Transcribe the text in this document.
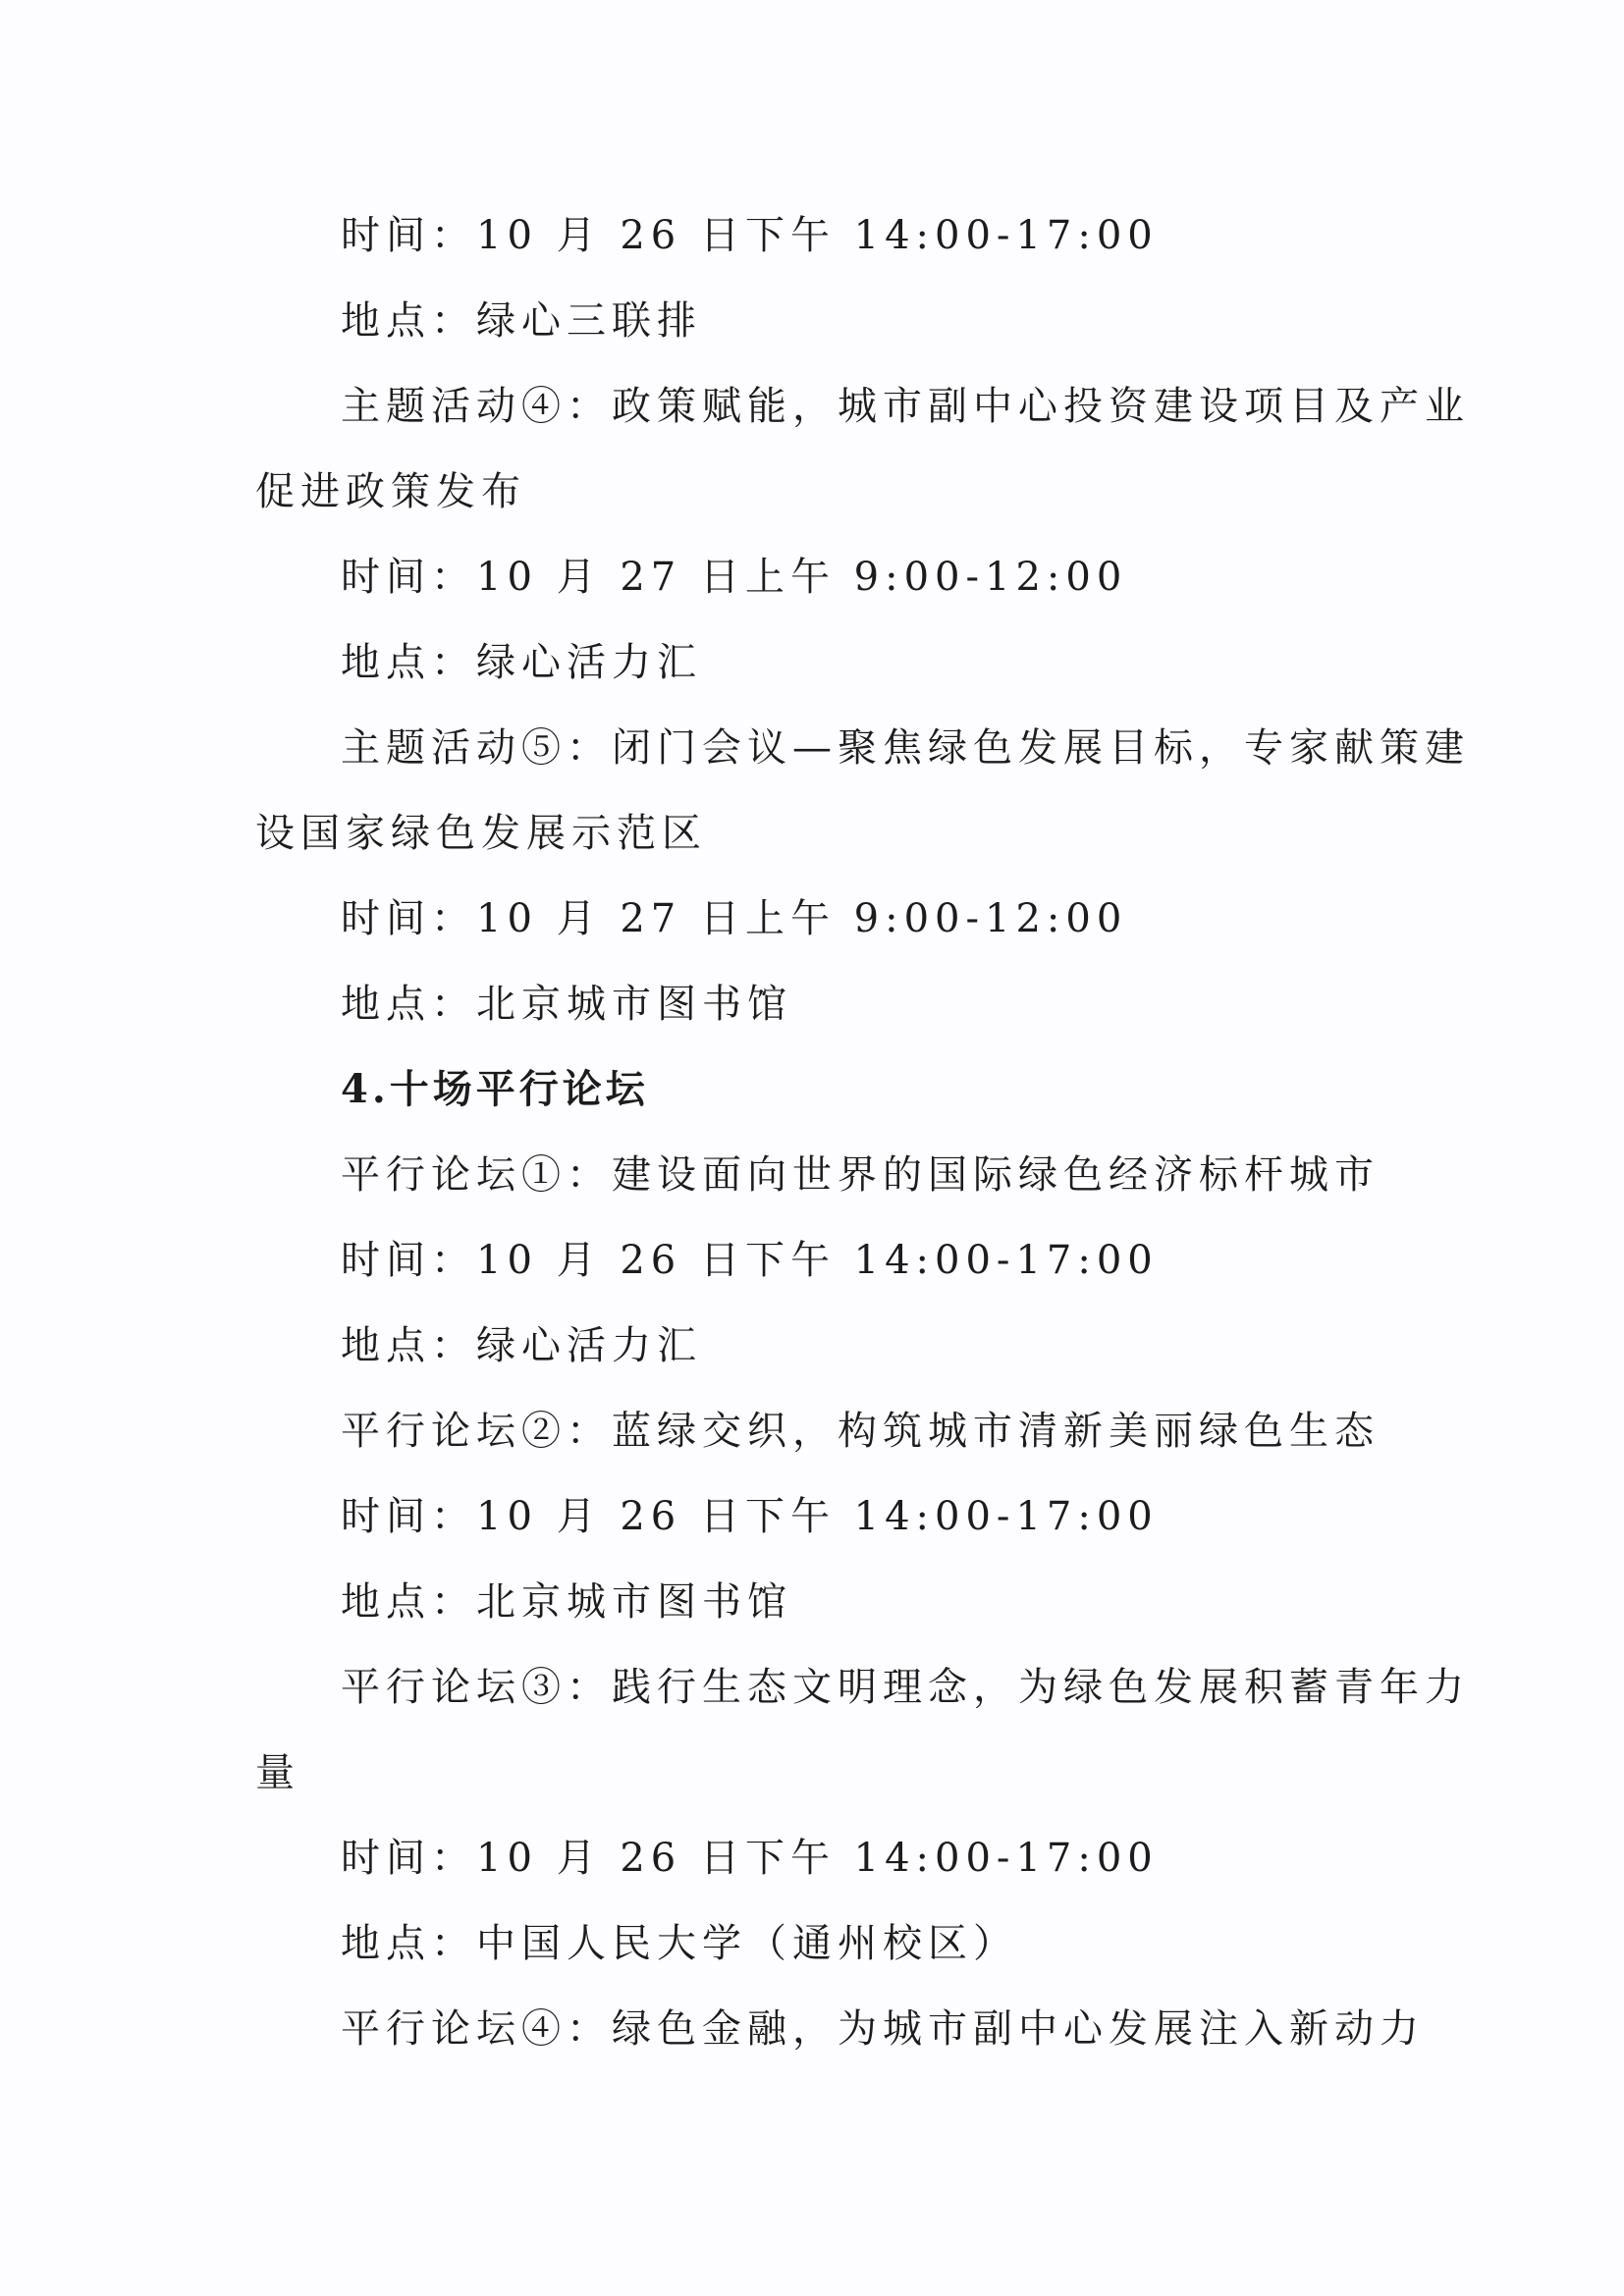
时间：10 月 26 日下午 14:00-17:00
地点：绿心三联排
主题活动④：政策赋能，城市副中心投资建设项目及产业
促进政策发布
时间：10 月 27 日上午 9:00-12:00
地点：绿心活力汇
主题活动⑤：闭门会议—聚焦绿色发展目标，专家献策建
设国家绿色发展示范区
时间：10 月 27 日上午 9:00-12:00
地点：北京城市图书馆
4.十场平行论坛
平行论坛①：建设面向世界的国际绿色经济标杆城市
时间：10 月 26 日下午 14:00-17:00
地点：绿心活力汇
平行论坛②：蓝绿交织，构筑城市清新美丽绿色生态
时间：10 月 26 日下午 14:00-17:00
地点：北京城市图书馆
平行论坛③：践行生态文明理念，为绿色发展积蓄青年力
量
时间：10 月 26 日下午 14:00-17:00
地点：中国人民大学（通州校区）
平行论坛④：绿色金融，为城市副中心发展注入新动力
